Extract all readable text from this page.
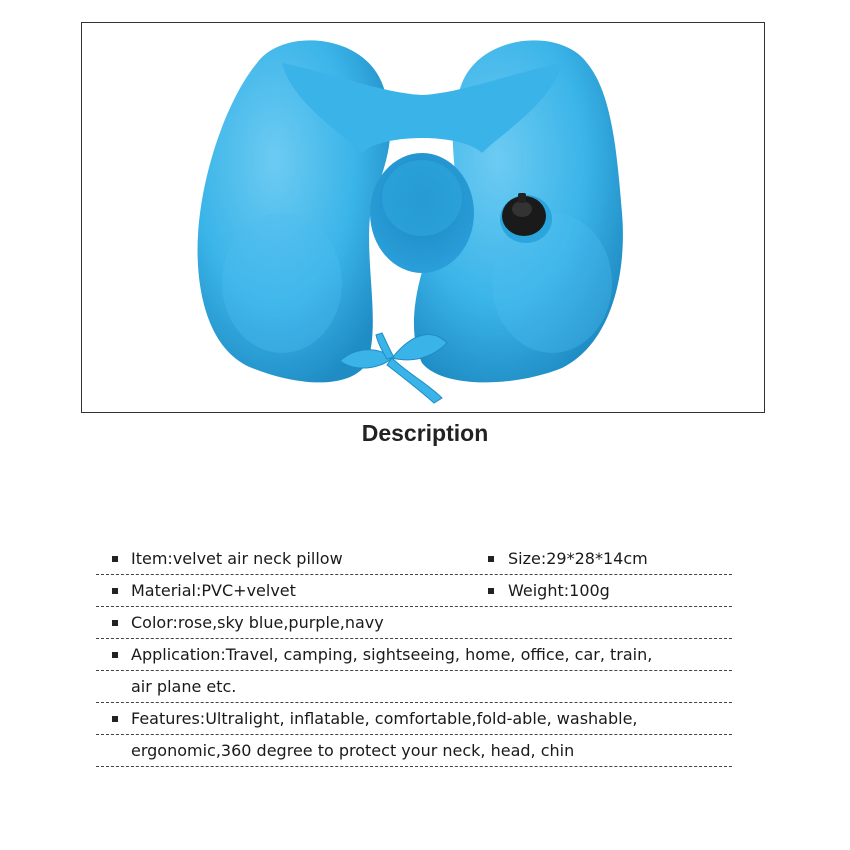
Description
Item:velvet air neck pillow	Size:29*28*14cm
Material:PVC+velvet	Weight:100g
Color:rose,sky blue,purple,navy
Application:Travel, camping, sightseeing, home, office, car, train,
air plane etc.
Features:Ultralight, inflatable, comfortable,fold-able, washable,
ergonomic,360 degree to protect your neck, head, chin
